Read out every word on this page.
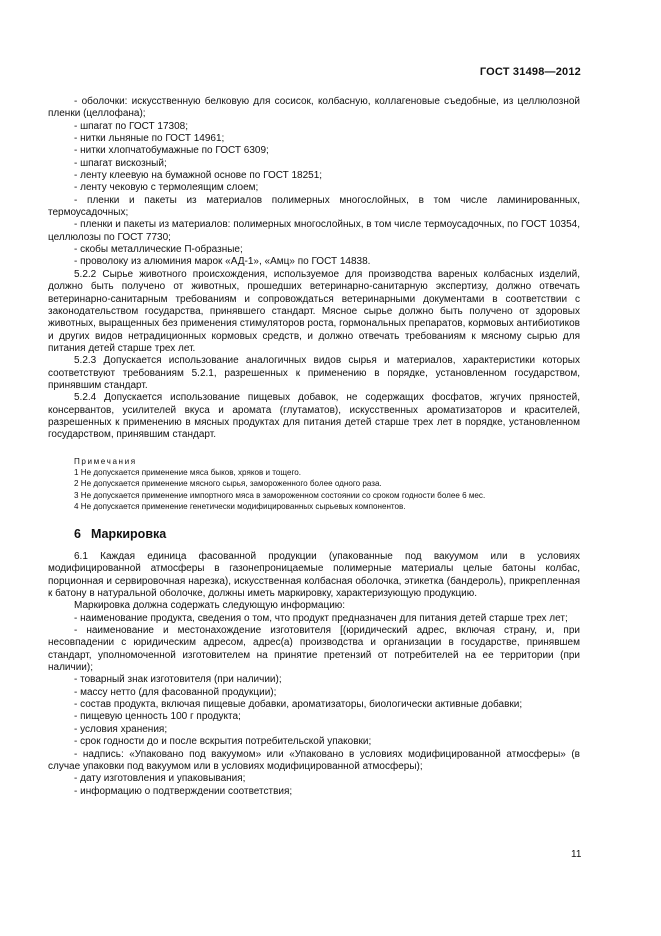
ГОСТ 31498—2012

- оболочки: искусственную белковую для сосисок, колбасную, коллагеновые съедобные, из целлюлозной пленки (целлофана);

- шпагат по ГОСТ 17308;

- нитки льняные по ГОСТ 14961;

- нитки хлопчатобумажные по ГОСТ 6309;

- шпагат вискозный;

- ленту клеевую на бумажной основе по ГОСТ 18251;

- ленту чековую с термолеящим слоем;

- пленки и пакеты из материалов полимерных многослойных, в том числе ламинированных, термоусадочных;

- пленки и пакеты из материалов: полимерных многослойных, в том числе термоусадочных, по ГОСТ 10354, целлюлозы по ГОСТ 7730;

- скобы металлические П-образные;

- проволоку из алюминия марок «АД-1», «Амц» по ГОСТ 14838.

5.2.2 Сырье животного происхождения, используемое для производства вареных колбасных изделий, должно быть получено от животных, прошедших ветеринарно-санитарную экспертизу, должно отвечать ветеринарно-санитарным требованиям и сопровождаться ветеринарными документами в соответствии с законодательством государства, принявшего стандарт. Мясное сырье должно быть получено от здоровых животных, выращенных без применения стимуляторов роста, гормональных препаратов, кормовых антибиотиков и других видов нетрадиционных кормовых средств, и должно отвечать требованиям к мясному сырью для питания детей старше трех лет.

5.2.3 Допускается использование аналогичных видов сырья и материалов, характеристики которых соответствуют требованиям 5.2.1, разрешенных к применению в порядке, установленном государством, принявшим стандарт.

5.2.4 Допускается использование пищевых добавок, не содержащих фосфатов, жгучих пряностей, консервантов, усилителей вкуса и аромата (глутаматов), искусственных ароматизаторов и красителей, разрешенных к применению в мясных продуктах для питания детей старше трех лет в порядке, установленном государством, принявшим стандарт.

Примечания

1 Не допускается применение мяса быков, хряков и тощего.

2 Не допускается применение мясного сырья, замороженного более одного раза.

3 Не допускается применение импортного мяса в замороженном состоянии со сроком годности более 6 мес.

4 Не допускается применение генетически модифицированных сырьевых компонентов.

6 Маркировка

6.1 Каждая единица фасованной продукции (упакованные под вакуумом или в условиях модифицированной атмосферы в газонепроницаемые полимерные материалы целые батоны колбас, порционная и сервировочная нарезка), искусственная колбасная оболочка, этикетка (бандероль), прикрепленная к батону в натуральной оболочке, должны иметь маркировку, характеризующую продукцию.

Маркировка должна содержать следующую информацию:

- наименование продукта, сведения о том, что продукт предназначен для питания детей старше трех лет;

- наименование и местонахождение изготовителя [(юридический адрес, включая страну, и, при несовпадении с юридическим адресом, адрес(а) производства и организации в государстве, принявшем стандарт, уполномоченной изготовителем на принятие претензий от потребителей на ее территории (при наличии);

- товарный знак изготовителя (при наличии);

- массу нетто (для фасованной продукции);

- состав продукта, включая пищевые добавки, ароматизаторы, биологически активные добавки;

- пищевую ценность 100 г продукта;

- условия хранения;

- срок годности до и после вскрытия потребительской упаковки;

- надпись: «Упаковано под вакуумом» или «Упаковано в условиях модифицированной атмосферы» (в случае упаковки под вакуумом или в условиях модифицированной атмосферы);

- дату изготовления и упаковывания;

- информацию о подтверждении соответствия;

11
